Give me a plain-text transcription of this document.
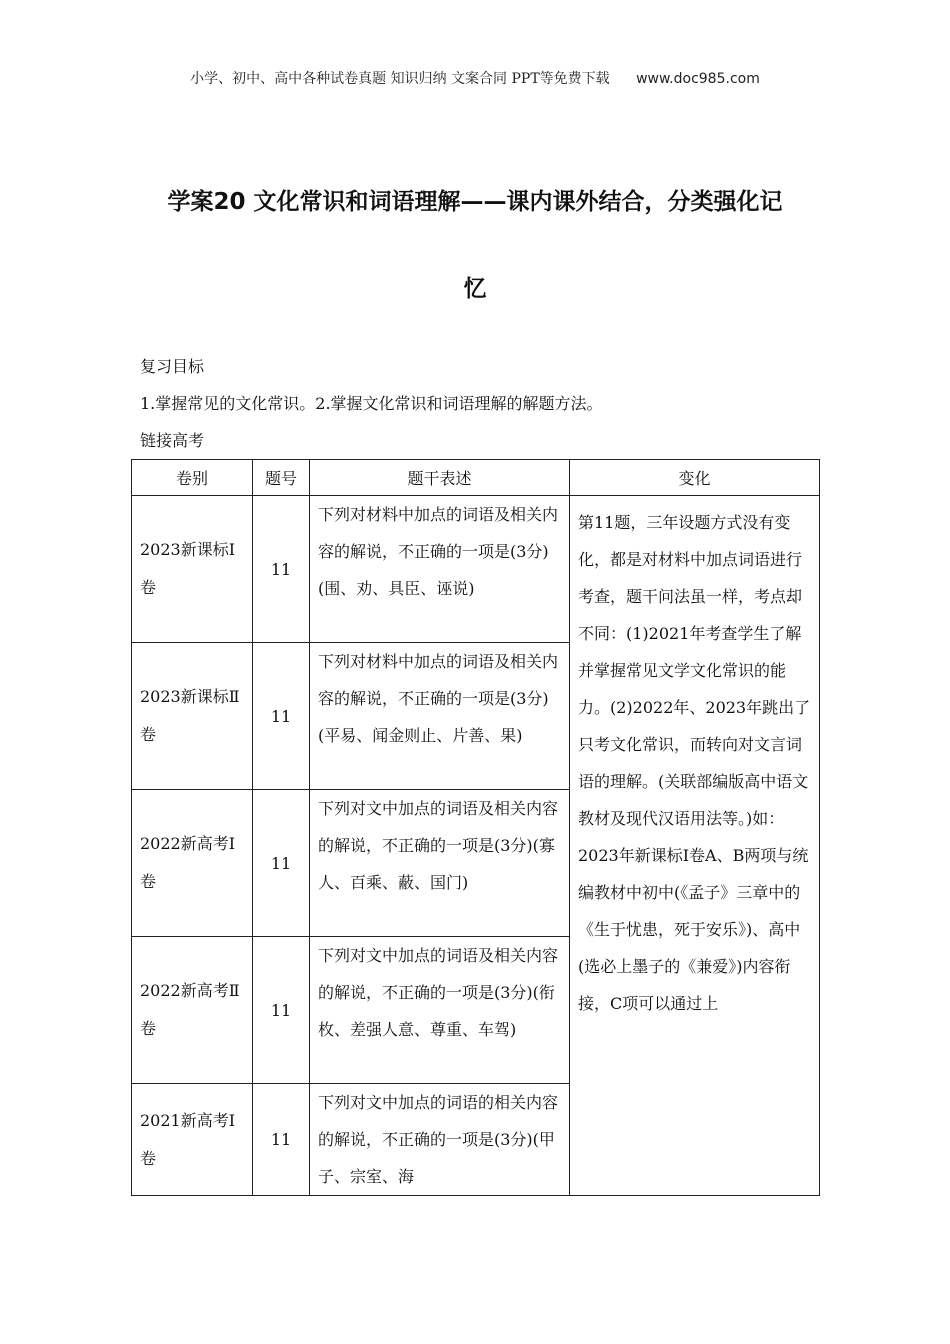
小学、初中、高中各种试卷真题 知识归纳 文案合同 PPT等免费下载 www.doc985.com
学案20 文化常识和词语理解——课内课外结合，分类强化记
忆
复习目标
1.掌握常见的文化常识。2.掌握文化常识和词语理解的解题方法。
链接高考
卷别	题号	题干表述	变化
2023新课标Ⅰ卷	11	下列对材料中加点的词语及相关内容的解说，不正确的一项是(3分)(围、劝、具臣、诬说)	第11题，三年设题方式没有变化，都是对材料中加点词语进行考查，题干问法虽一样，考点却不同：(1)2021年考查学生了解并掌握常见文学文化常识的能力。(2)2022年、2023年跳出了只考文化常识，而转向对文言词语的理解。(关联部编版高中语文教材及现代汉语用法等。)如：2023年新课标Ⅰ卷A、B两项与统编教材中初中(《孟子》三章中的《生于忧患，死于安乐》)、高中(选必上墨子的《兼爱》)内容衔接，C项可以通过上
2023新课标Ⅱ卷	11	下列对材料中加点的词语及相关内容的解说，不正确的一项是(3分)(平易、闻金则止、片善、果)	
2022新高考Ⅰ卷	11	下列对文中加点的词语及相关内容的解说，不正确的一项是(3分)(寡人、百乘、蔽、国门)	
2022新高考Ⅱ卷	11	下列对文中加点的词语及相关内容的解说，不正确的一项是(3分)(衔枚、差强人意、尊重、车驾)	
2021新高考Ⅰ卷	11	下列对文中加点的词语的相关内容的解说，不正确的一项是(3分)(甲子、宗室、海	
